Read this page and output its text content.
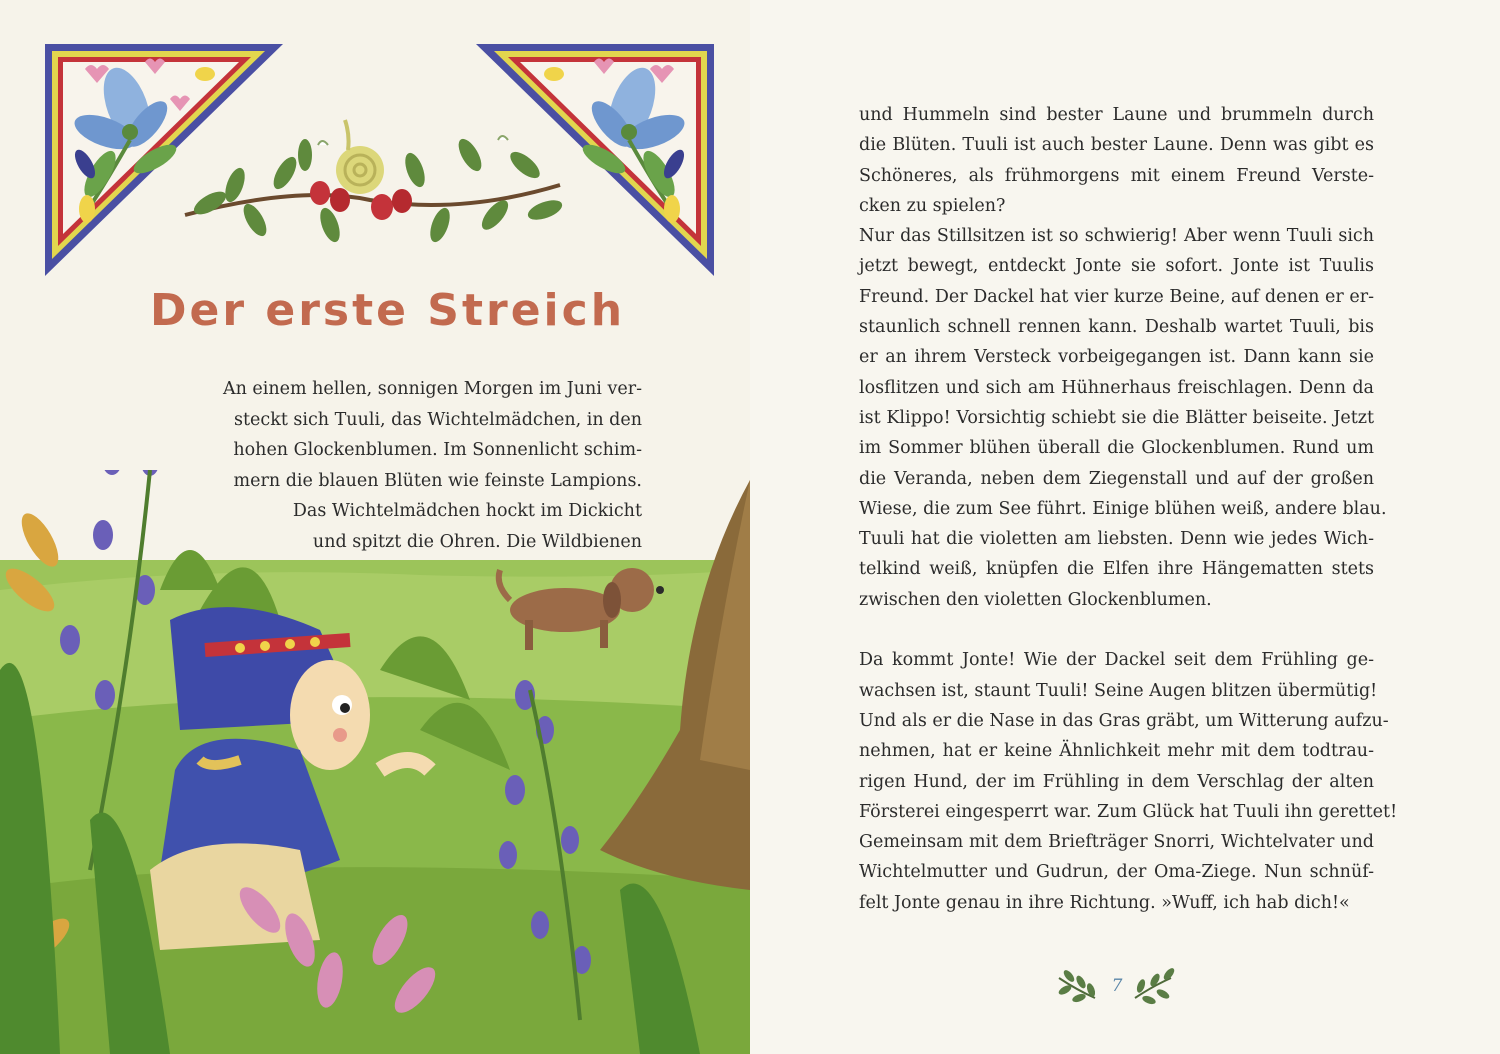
Der erste Streich
An einem hellen, sonnigen Morgen im Juni ver-
steckt sich Tuuli, das Wichtelmädchen, in den
hohen Glockenblumen. Im Sonnenlicht schim-
mern die blauen Blüten wie feinste Lampions.
Das Wichtelmädchen hockt im Dickicht
und spitzt die Ohren. Die Wildbienen
und Hummeln sind bester Laune und brummeln durch
die Blüten. Tuuli ist auch bester Laune. Denn was gibt es
Schöneres, als frühmorgens mit einem Freund Verste-
cken zu spielen?
Nur das Stillsitzen ist so schwierig! Aber wenn Tuuli sich
jetzt bewegt, entdeckt Jonte sie sofort. Jonte ist Tuulis
Freund. Der Dackel hat vier kurze Beine, auf denen er er-
staunlich schnell rennen kann. Deshalb wartet Tuuli, bis
er an ihrem Versteck vorbeigegangen ist. Dann kann sie
losflitzen und sich am Hühnerhaus freischlagen. Denn da
ist Klippo! Vorsichtig schiebt sie die Blätter beiseite. Jetzt
im Sommer blühen überall die Glockenblumen. Rund um
die Veranda, neben dem Ziegenstall und auf der großen
Wiese, die zum See führt. Einige blühen weiß, andere blau.
Tuuli hat die violetten am liebsten. Denn wie jedes Wich-
telkind weiß, knüpfen die Elfen ihre Hängematten stets
zwischen den violetten Glockenblumen.
Da kommt Jonte! Wie der Dackel seit dem Frühling ge-
wachsen ist, staunt Tuuli! Seine Augen blitzen übermütig!
Und als er die Nase in das Gras gräbt, um Witterung aufzu-
nehmen, hat er keine Ähnlichkeit mehr mit dem todtrau-
rigen Hund, der im Frühling in dem Verschlag der alten
Försterei eingesperrt war. Zum Glück hat Tuuli ihn gerettet!
Gemeinsam mit dem Briefträger Snorri, Wichtelvater und
Wichtelmutter und Gudrun, der Oma-Ziege. Nun schnüf-
felt Jonte genau in ihre Richtung. »Wuff, ich hab dich!«
7
